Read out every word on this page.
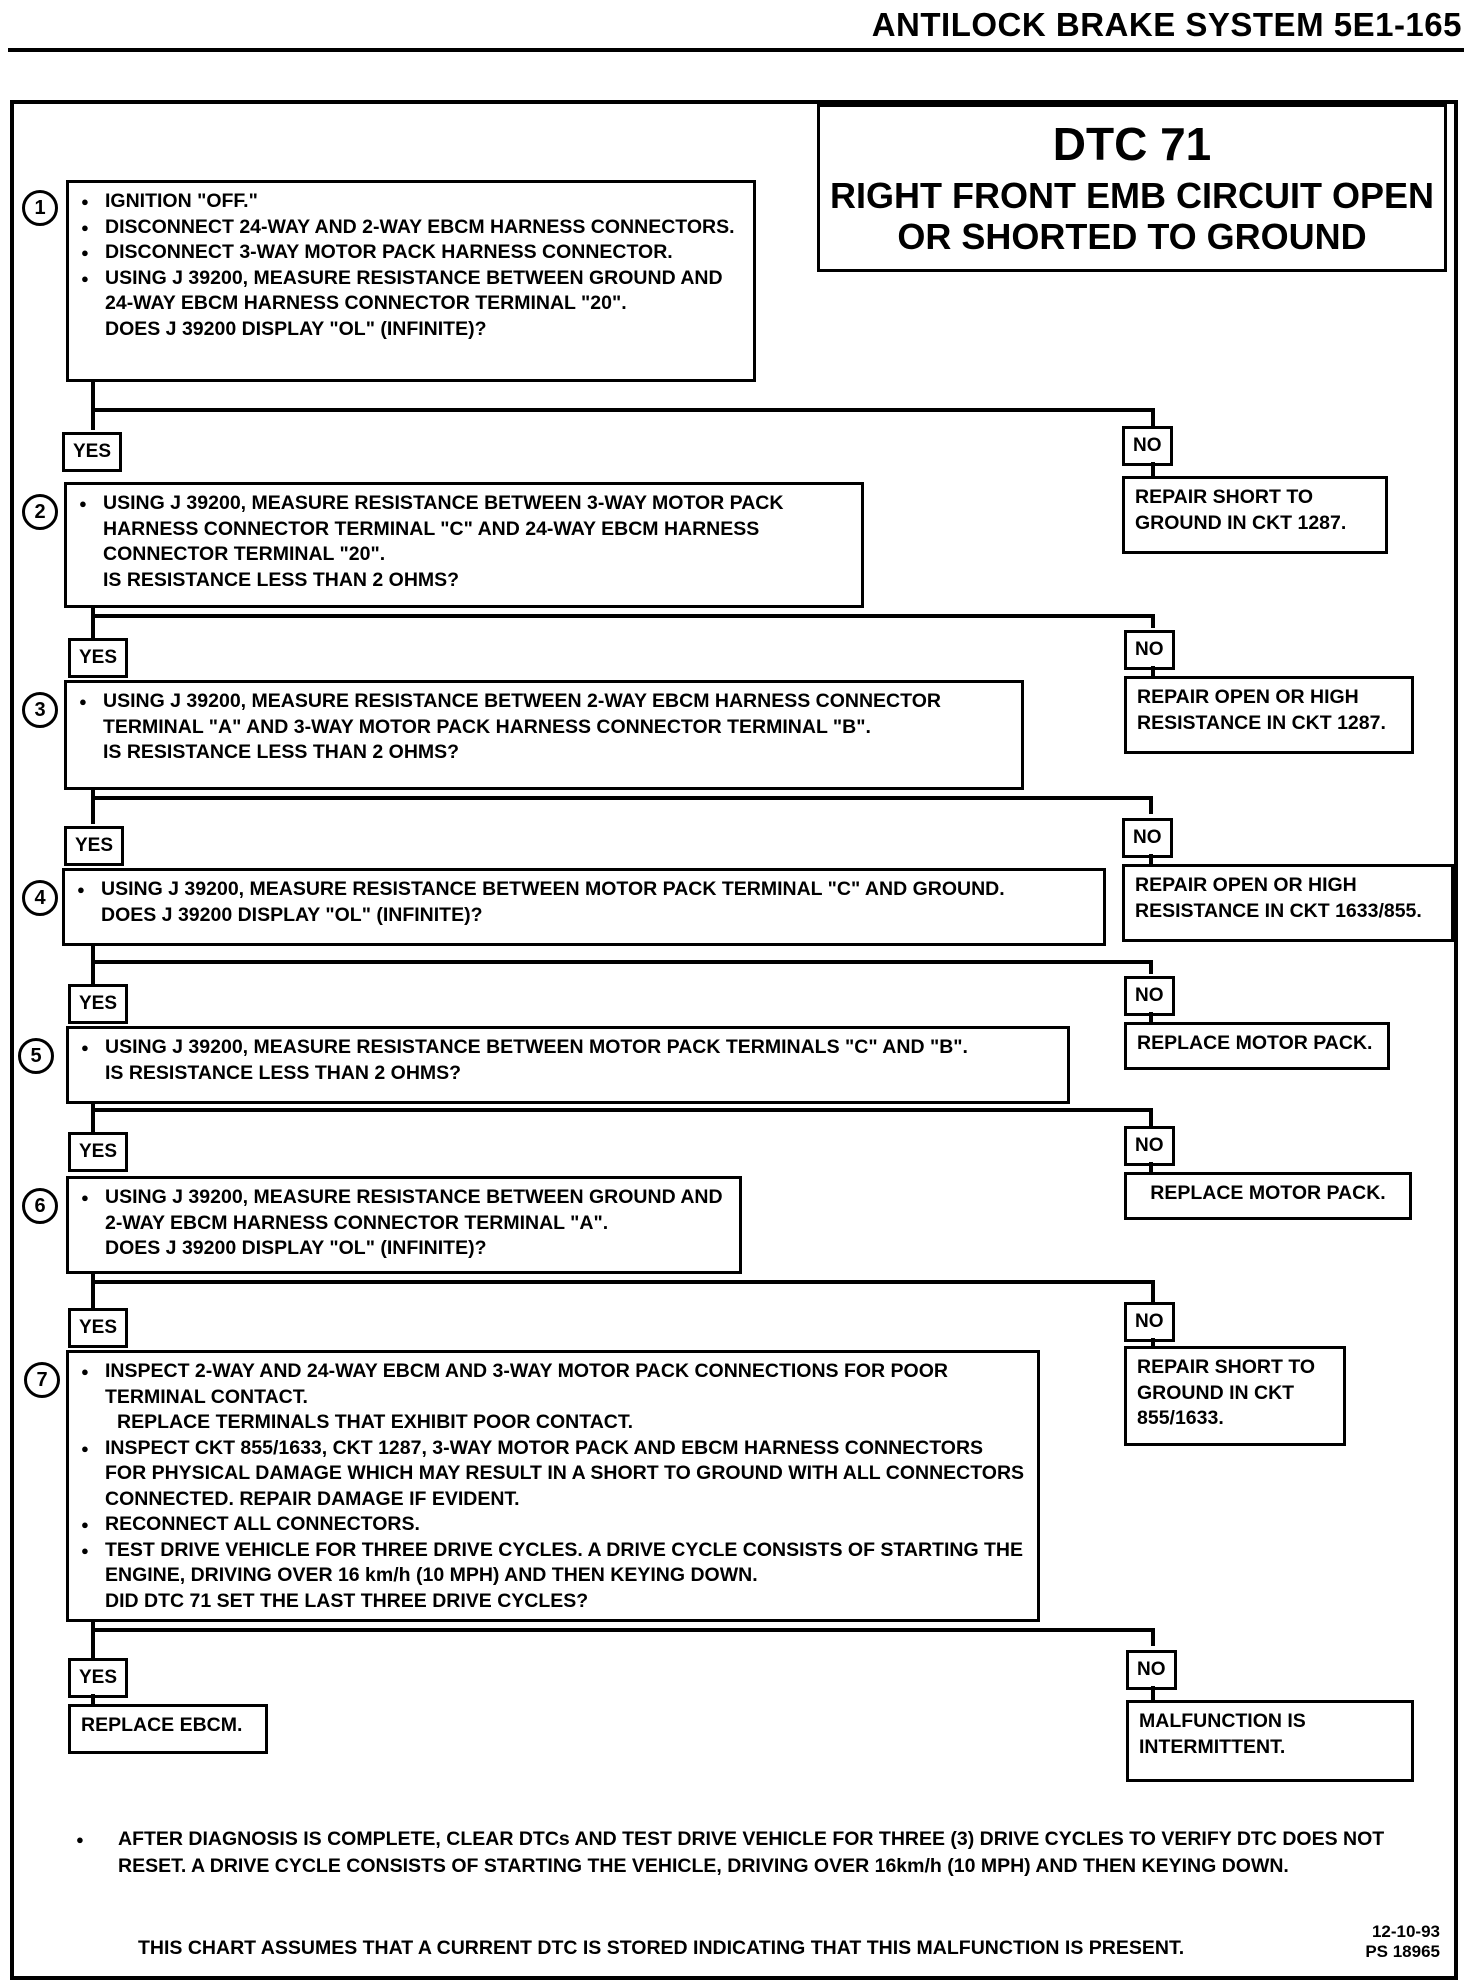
ANTILOCK BRAKE SYSTEM 5E1-165
DTC 71
RIGHT FRONT EMB CIRCUIT OPEN
OR SHORTED TO GROUND
1	● IGNITION "OFF."
● DISCONNECT 24-WAY AND 2-WAY EBCM HARNESS CONNECTORS.
● DISCONNECT 3-WAY MOTOR PACK HARNESS CONNECTOR.
● USING J 39200, MEASURE RESISTANCE BETWEEN GROUND AND 24-WAY EBCM HARNESS CONNECTOR TERMINAL "20".
DOES J 39200 DISPLAY "OL" (INFINITE)?
YES	NO
REPAIR SHORT TO GROUND IN CKT 1287.
2	● USING J 39200, MEASURE RESISTANCE BETWEEN 3-WAY MOTOR PACK HARNESS CONNECTOR TERMINAL "C" AND 24-WAY EBCM HARNESS CONNECTOR TERMINAL "20".
IS RESISTANCE LESS THAN 2 OHMS?
YES	NO
REPAIR OPEN OR HIGH RESISTANCE IN CKT 1287.
3	● USING J 39200, MEASURE RESISTANCE BETWEEN 2-WAY EBCM HARNESS CONNECTOR TERMINAL "A" AND 3-WAY MOTOR PACK HARNESS CONNECTOR TERMINAL "B".
IS RESISTANCE LESS THAN 2 OHMS?
YES	NO
REPAIR OPEN OR HIGH RESISTANCE IN CKT 1633/855.
4	● USING J 39200, MEASURE RESISTANCE BETWEEN MOTOR PACK TERMINAL "C" AND GROUND.
DOES J 39200 DISPLAY "OL" (INFINITE)?
YES	NO
REPLACE MOTOR PACK.
5	● USING J 39200, MEASURE RESISTANCE BETWEEN MOTOR PACK TERMINALS "C" AND "B".
IS RESISTANCE LESS THAN 2 OHMS?
YES	NO
REPLACE MOTOR PACK.
6	● USING J 39200, MEASURE RESISTANCE BETWEEN GROUND AND 2-WAY EBCM HARNESS CONNECTOR TERMINAL "A".
DOES J 39200 DISPLAY "OL" (INFINITE)?
YES	NO
REPAIR SHORT TO GROUND IN CKT 855/1633.
7	● INSPECT 2-WAY AND 24-WAY EBCM AND 3-WAY MOTOR PACK CONNECTIONS FOR POOR TERMINAL CONTACT.
REPLACE TERMINALS THAT EXHIBIT POOR CONTACT.
● INSPECT CKT 855/1633, CKT 1287, 3-WAY MOTOR PACK AND EBCM HARNESS CONNECTORS FOR PHYSICAL DAMAGE WHICH MAY RESULT IN A SHORT TO GROUND WITH ALL CONNECTORS CONNECTED. REPAIR DAMAGE IF EVIDENT.
● RECONNECT ALL CONNECTORS.
● TEST DRIVE VEHICLE FOR THREE DRIVE CYCLES. A DRIVE CYCLE CONSISTS OF STARTING THE ENGINE, DRIVING OVER 16 km/h (10 MPH) AND THEN KEYING DOWN.
DID DTC 71 SET THE LAST THREE DRIVE CYCLES?
YES	NO
REPLACE EBCM.	MALFUNCTION IS INTERMITTENT.
●	AFTER DIAGNOSIS IS COMPLETE, CLEAR DTCs AND TEST DRIVE VEHICLE FOR THREE (3) DRIVE CYCLES TO VERIFY DTC DOES NOT RESET. A DRIVE CYCLE CONSISTS OF STARTING THE VEHICLE, DRIVING OVER 16km/h (10 MPH) AND THEN KEYING DOWN.
THIS CHART ASSUMES THAT A CURRENT DTC IS STORED INDICATING THAT THIS MALFUNCTION IS PRESENT.
12-10-93
PS 18965
